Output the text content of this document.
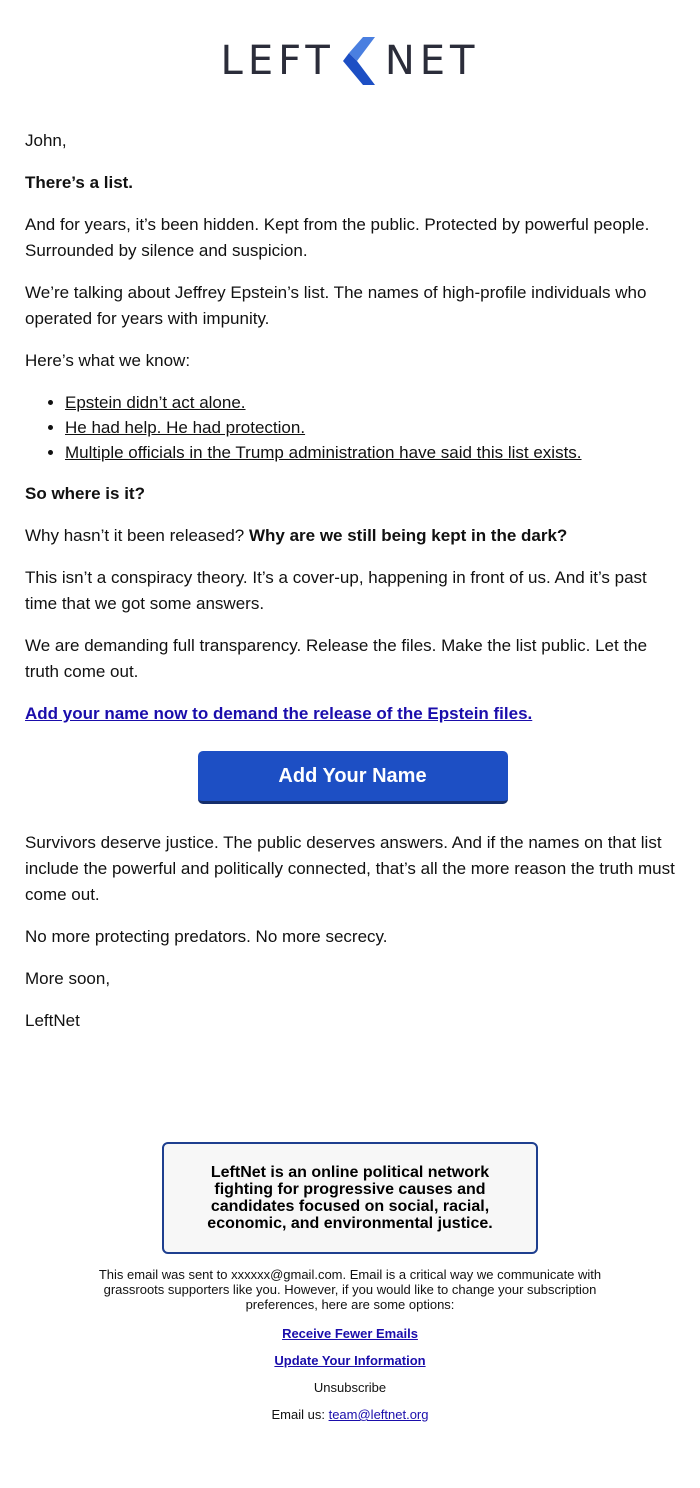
LEFT NET

John,

There’s a list.

And for years, it’s been hidden. Kept from the public. Protected by powerful people. Surrounded by silence and suspicion.

We’re talking about Jeffrey Epstein’s list. The names of high-profile individuals who operated for years with impunity.

Here’s what we know:

• Epstein didn’t act alone.
• He had help. He had protection.
• Multiple officials in the Trump administration have said this list exists.

So where is it?

Why hasn’t it been released? Why are we still being kept in the dark?

This isn’t a conspiracy theory. It’s a cover-up, happening in front of us. And it’s past time that we got some answers.

We are demanding full transparency. Release the files. Make the list public. Let the truth come out.

Add your name now to demand the release of the Epstein files.

Add Your Name

Survivors deserve justice. The public deserves answers. And if the names on that list include the powerful and politically connected, that’s all the more reason the truth must come out.

No more protecting predators. No more secrecy.

More soon,

LeftNet

LeftNet is an online political network fighting for progressive causes and candidates focused on social, racial, economic, and environmental justice.

This email was sent to xxxxxx@gmail.com. Email is a critical way we communicate with grassroots supporters like you. However, if you would like to change your subscription preferences, here are some options:

Receive Fewer Emails
Update Your Information
Unsubscribe
Email us: team@leftnet.org
